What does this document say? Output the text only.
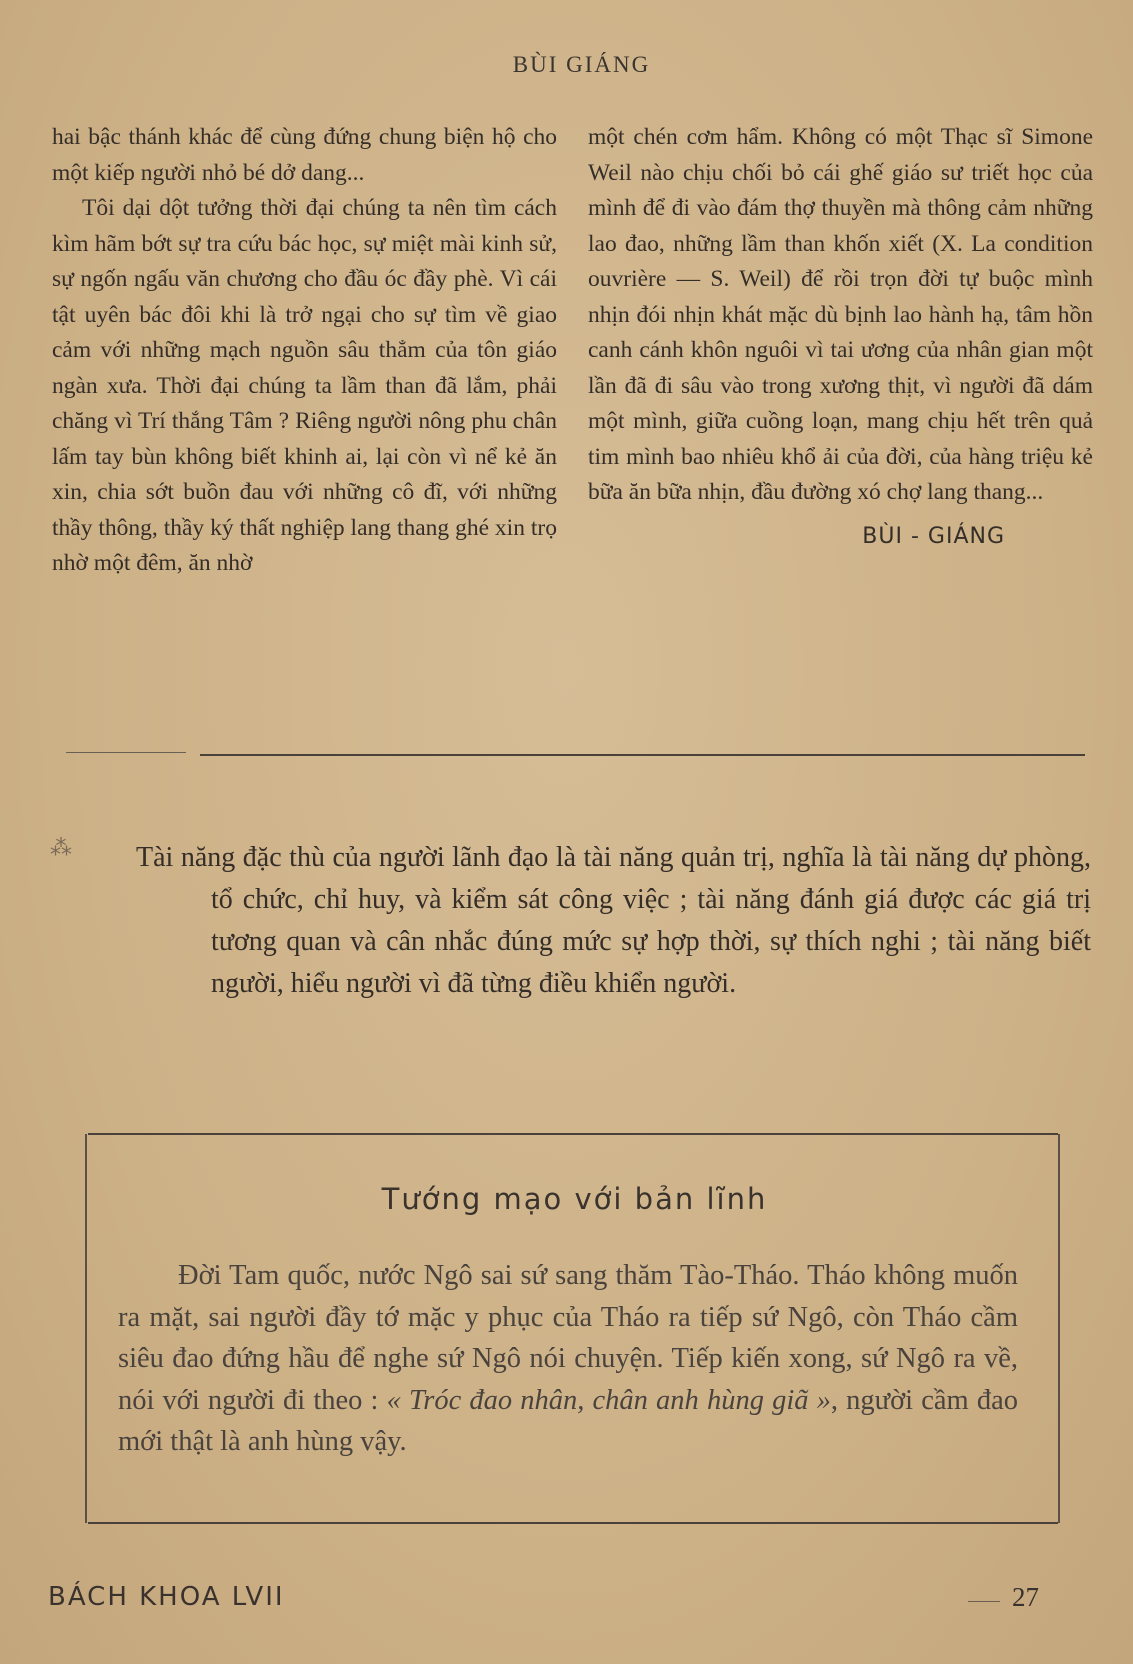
BÙI GIÁNG

hai bậc thánh khác để cùng đứng chung biện hộ cho một kiếp người nhỏ bé dở dang...

Tôi dại dột tưởng thời đại chúng ta nên tìm cách kìm hãm bớt sự tra cứu bác học, sự miệt mài kinh sử, sự ngốn ngấu văn chương cho đầu óc đầy phè. Vì cái tật uyên bác đôi khi là trở ngại cho sự tìm về giao cảm với những mạch nguồn sâu thẳm của tôn giáo ngàn xưa. Thời đại chúng ta lầm than đã lắm, phải chăng vì Trí thắng Tâm ? Riêng người nông phu chân lấm tay bùn không biết khinh ai, lại còn vì nể kẻ ăn xin, chia sớt buồn đau với những cô đĩ, với những thầy thông, thầy ký thất nghiệp lang thang ghé xin trọ nhờ một đêm, ăn nhờ

một chén cơm hẩm. Không có một Thạc sĩ Simone Weil nào chịu chối bỏ cái ghế giáo sư triết học của mình để đi vào đám thợ thuyền mà thông cảm những lao đao, những lầm than khốn xiết (X. La condition ouvrière — S. Weil) để rồi trọn đời tự buộc mình nhịn đói nhịn khát mặc dù bịnh lao hành hạ, tâm hồn canh cánh khôn nguôi vì tai ương của nhân gian một lần đã đi sâu vào trong xương thịt, vì người đã dám một mình, giữa cuồng loạn, mang chịu hết trên quả tim mình bao nhiêu khổ ải của đời, của hàng triệu kẻ bữa ăn bữa nhịn, đầu đường xó chợ lang thang...

BÙI - GIÁNG
⁂ Tài năng đặc thù của người lãnh đạo là tài năng quản trị, nghĩa là tài năng dự phòng, tổ chức, chỉ huy, và kiểm sát công việc ; tài năng đánh giá được các giá trị tương quan và cân nhắc đúng mức sự hợp thời, sự thích nghi ; tài năng biết người, hiểu người vì đã từng điều khiển người.

Tướng mạo với bản lĩnh

Đời Tam quốc, nước Ngô sai sứ sang thăm Tào-Tháo. Tháo không muốn ra mặt, sai người đầy tớ mặc y phục của Tháo ra tiếp sứ Ngô, còn Tháo cầm siêu đao đứng hầu để nghe sứ Ngô nói chuyện. Tiếp kiến xong, sứ Ngô ra về, nói với người đi theo : « Tróc đao nhân, chân anh hùng giã », người cầm đao mới thật là anh hùng vậy.

BÁCH KHOA LVII	27
